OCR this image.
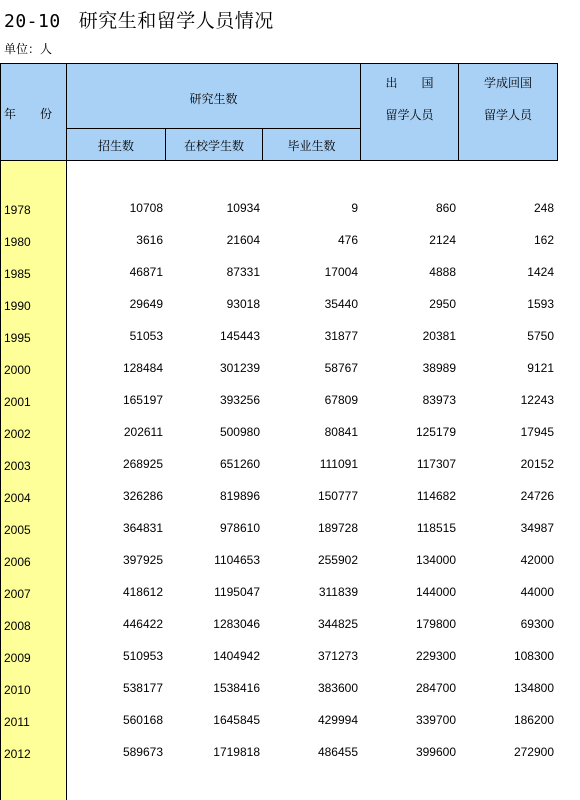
20-10 研究生和留学人员情况
单位：人
年　　份
研究生数
招生数	在校学生数	毕业生数
出　　国
留学人员
学成回国
留学人员
1978	10708	10934	9	860	248
1980	3616	21604	476	2124	162
1985	46871	87331	17004	4888	1424
1990	29649	93018	35440	2950	1593
1995	51053	145443	31877	20381	5750
2000	128484	301239	58767	38989	9121
2001	165197	393256	67809	83973	12243
2002	202611	500980	80841	125179	17945
2003	268925	651260	111091	117307	20152
2004	326286	819896	150777	114682	24726
2005	364831	978610	189728	118515	34987
2006	397925	1104653	255902	134000	42000
2007	418612	1195047	311839	144000	44000
2008	446422	1283046	344825	179800	69300
2009	510953	1404942	371273	229300	108300
2010	538177	1538416	383600	284700	134800
2011	560168	1645845	429994	339700	186200
2012	589673	1719818	486455	399600	272900
